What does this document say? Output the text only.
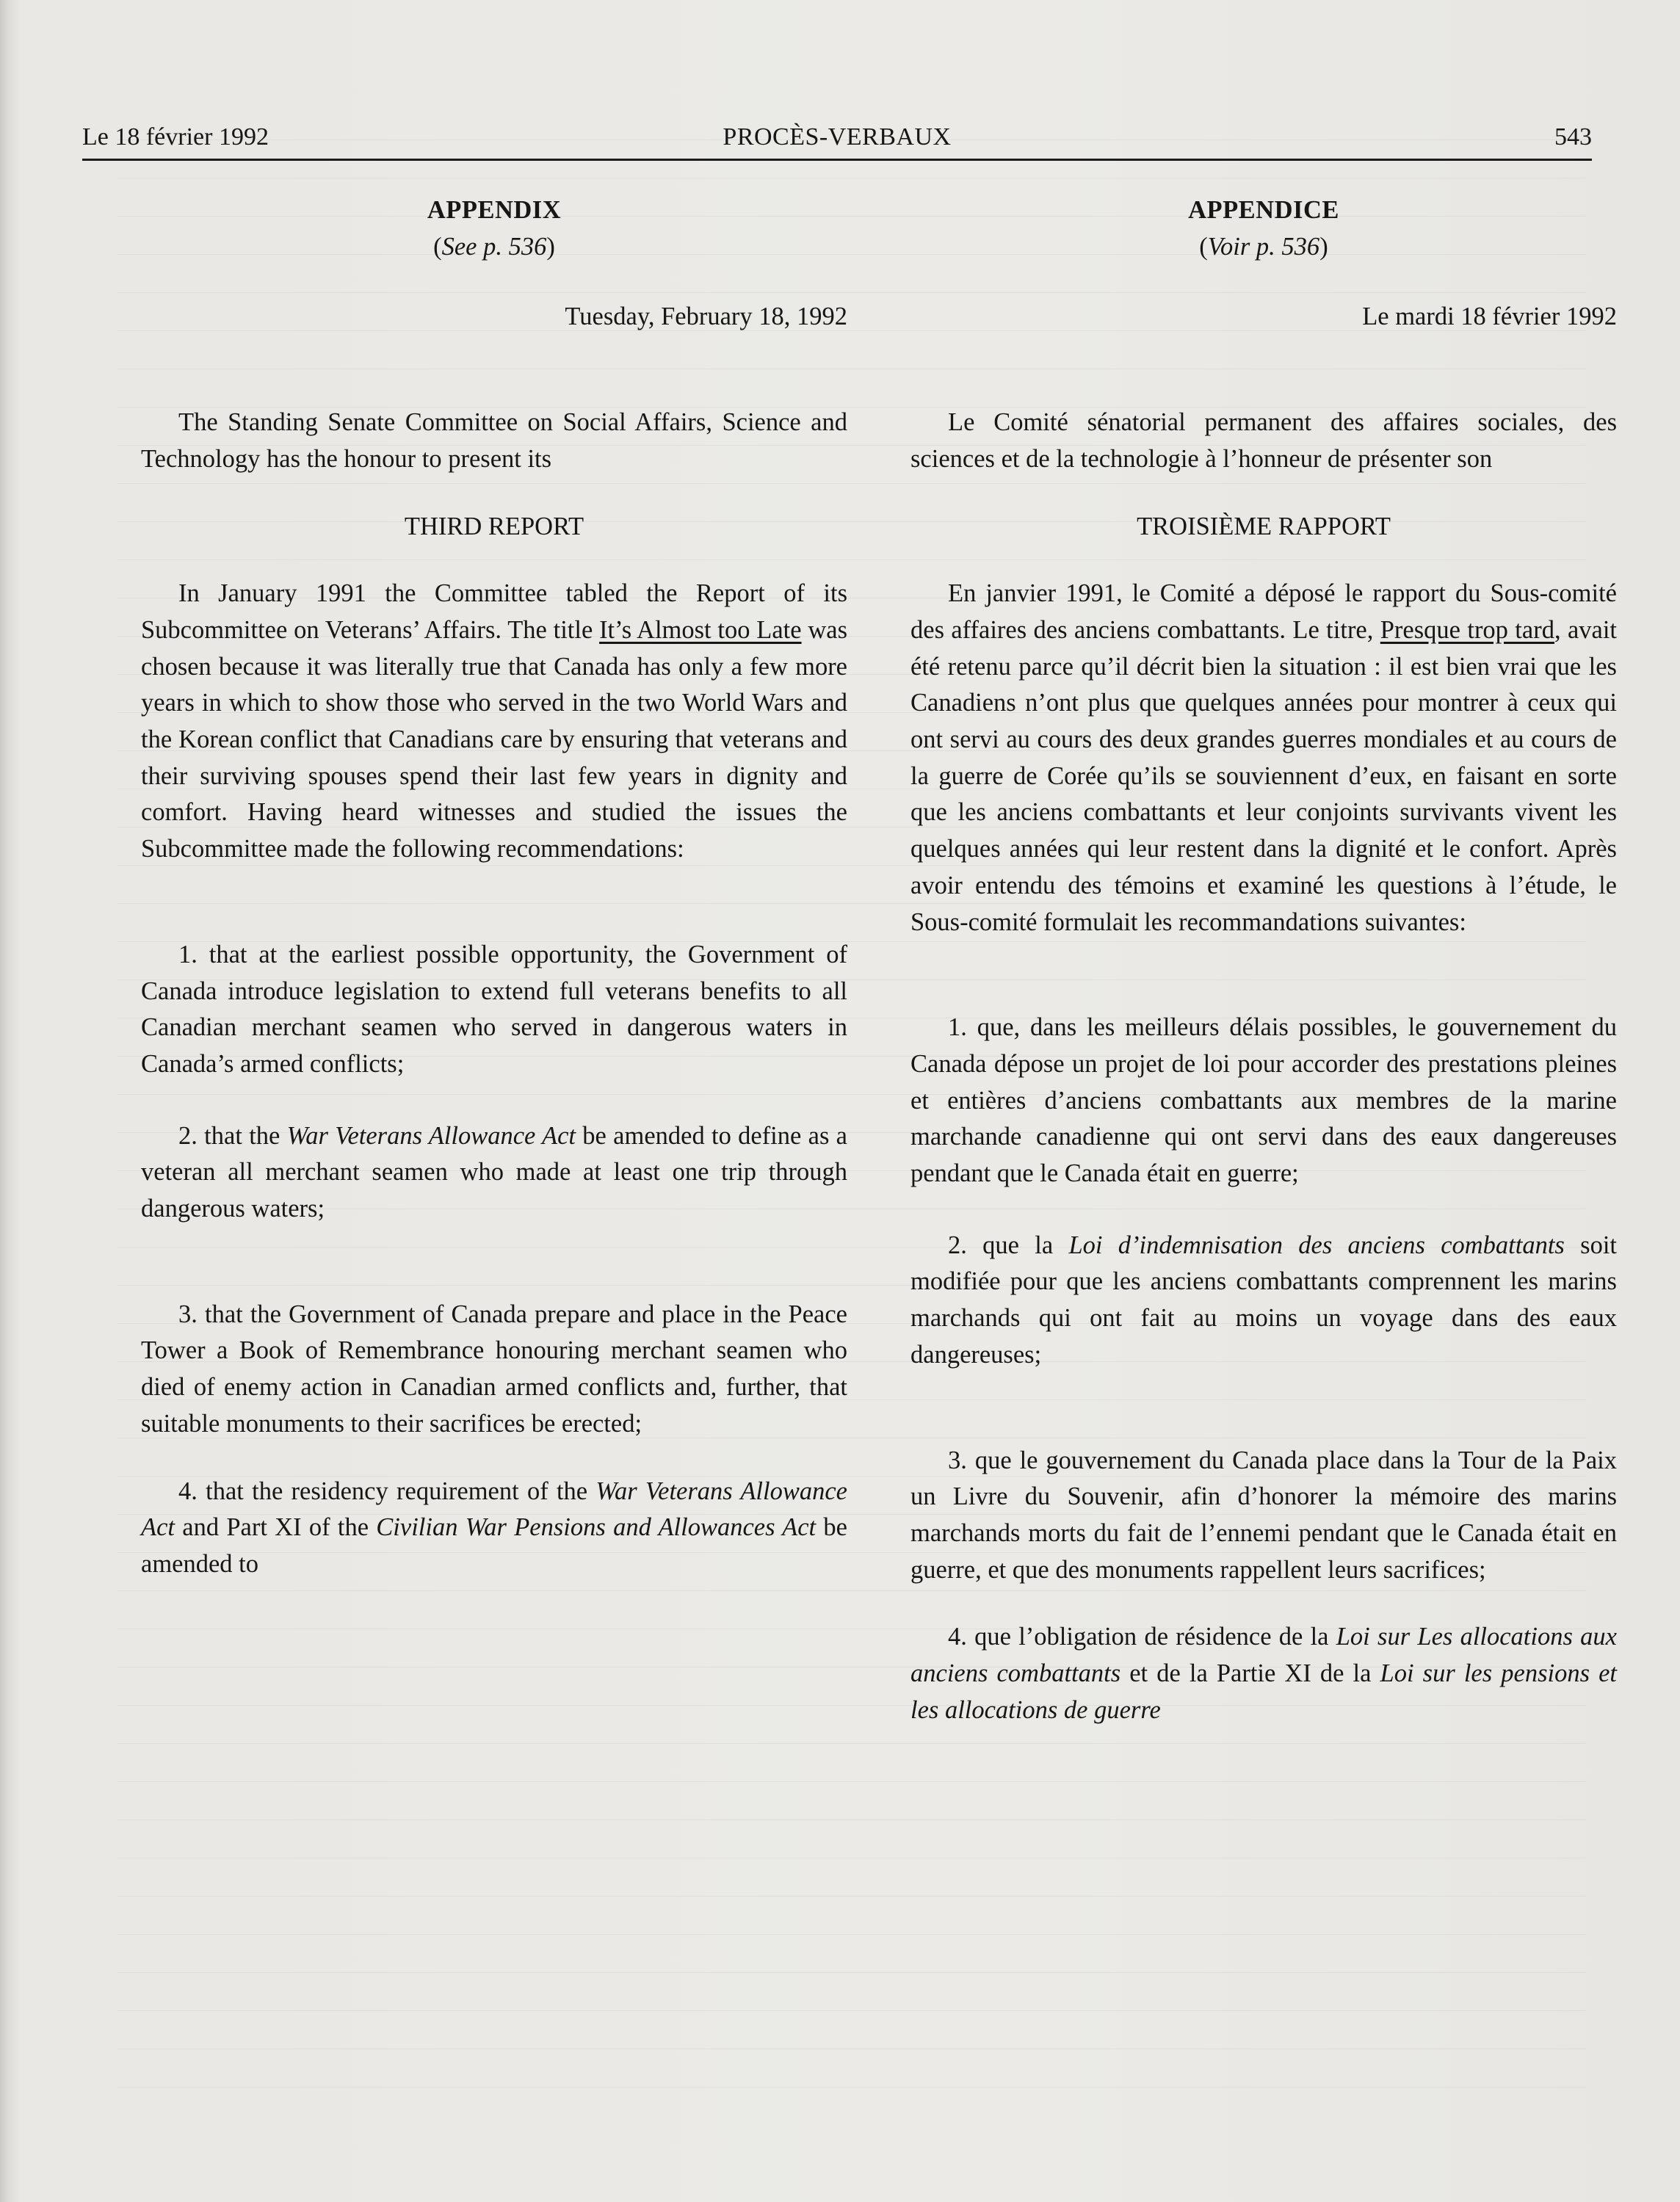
Le 18 février 1992	PROCÈS-VERBAUX	543

APPENDIX

(See p. 536)

Tuesday, February 18, 1992

The Standing Senate Committee on Social Affairs, Science and Technology has the honour to present its

THIRD REPORT

In January 1991 the Committee tabled the Report of its Subcommittee on Veterans’ Affairs. The title It’s Almost too Late was chosen because it was literally true that Canada has only a few more years in which to show those who served in the two World Wars and the Korean conflict that Canadians care by ensuring that veterans and their surviving spouses spend their last few years in dignity and comfort. Having heard witnesses and studied the issues the Subcommittee made the following recommendations:

1. that at the earliest possible opportunity, the Government of Canada introduce legislation to extend full veterans benefits to all Canadian merchant seamen who served in dangerous waters in Canada’s armed conflicts;

2. that the War Veterans Allowance Act be amended to define as a veteran all merchant seamen who made at least one trip through dangerous waters;

3. that the Government of Canada prepare and place in the Peace Tower a Book of Remembrance honouring merchant seamen who died of enemy action in Canadian armed conflicts and, further, that suitable monuments to their sacrifices be erected;

4. that the residency requirement of the War Veterans Allowance Act and Part XI of the Civilian War Pensions and Allowances Act be amended to

APPENDICE

(Voir p. 536)

Le mardi 18 février 1992

Le Comité sénatorial permanent des affaires sociales, des sciences et de la technologie à l’honneur de présenter son

TROISIÈME RAPPORT

En janvier 1991, le Comité a déposé le rapport du Sous-comité des affaires des anciens combattants. Le titre, Presque trop tard, avait été retenu parce qu’il décrit bien la situation : il est bien vrai que les Canadiens n’ont plus que quelques années pour montrer à ceux qui ont servi au cours des deux grandes guerres mondiales et au cours de la guerre de Corée qu’ils se souviennent d’eux, en faisant en sorte que les anciens combattants et leur conjoints survivants vivent les quelques années qui leur restent dans la dignité et le confort. Après avoir entendu des témoins et examiné les questions à l’étude, le Sous-comité formulait les recommandations suivantes:

1. que, dans les meilleurs délais possibles, le gouvernement du Canada dépose un projet de loi pour accorder des prestations pleines et entières d’anciens combattants aux membres de la marine marchande canadienne qui ont servi dans des eaux dangereuses pendant que le Canada était en guerre;

2. que la Loi d’indemnisation des anciens combattants soit modifiée pour que les anciens combattants comprennent les marins marchands qui ont fait au moins un voyage dans des eaux dangereuses;

3. que le gouvernement du Canada place dans la Tour de la Paix un Livre du Souvenir, afin d’honorer la mémoire des marins marchands morts du fait de l’ennemi pendant que le Canada était en guerre, et que des monuments rappellent leurs sacrifices;

4. que l’obligation de résidence de la Loi sur Les allocations aux anciens combattants et de la Partie XI de la Loi sur les pensions et les allocations de guerre
